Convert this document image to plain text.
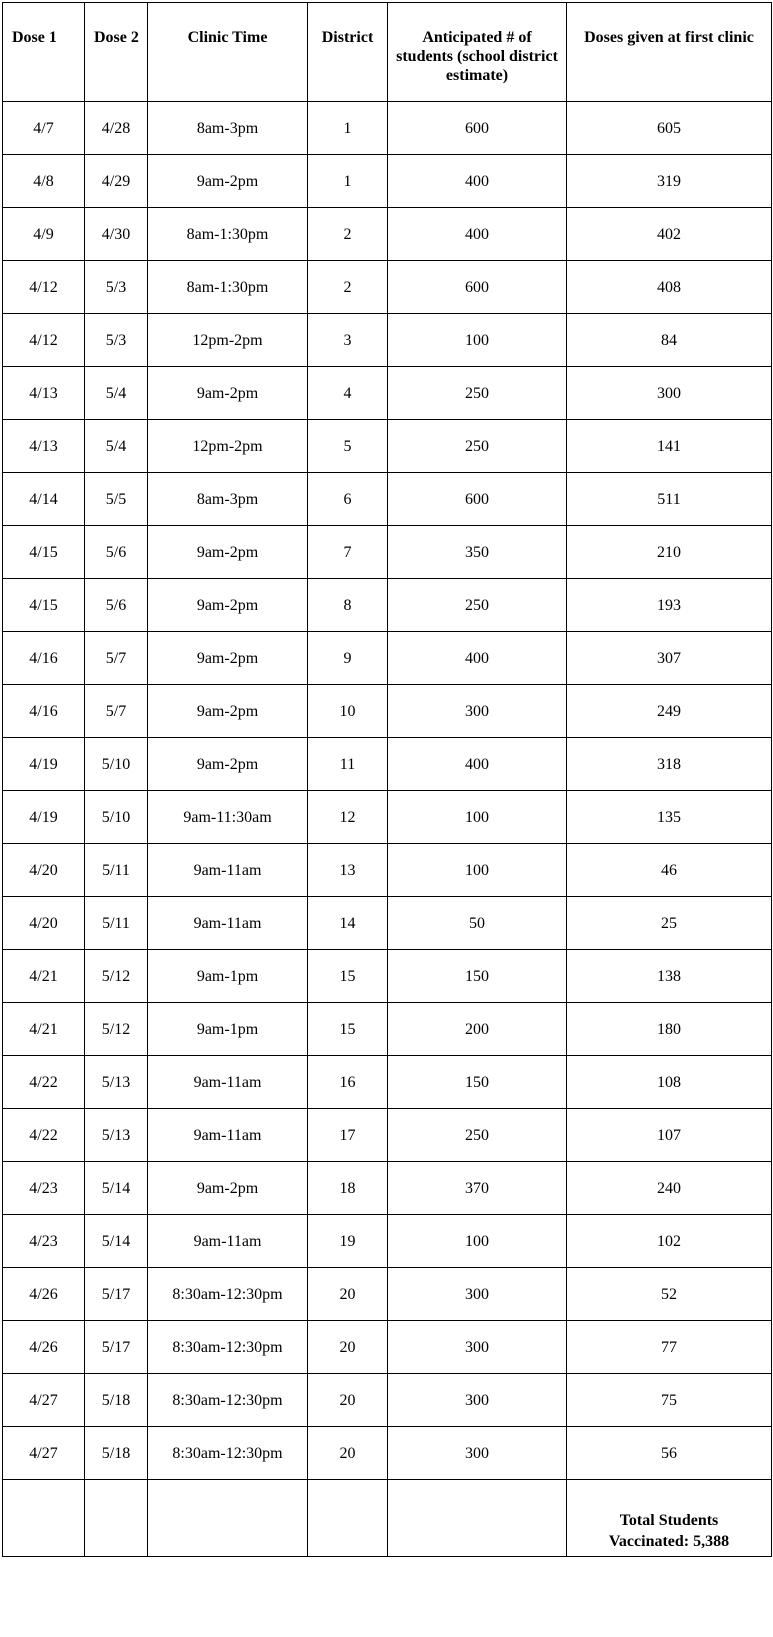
Dose 1	Dose 2	Clinic Time	District	Anticipated # of students (school district estimate)	Doses given at first clinic
4/7	4/28	8am-3pm	1	600	605
4/8	4/29	9am-2pm	1	400	319
4/9	4/30	8am-1:30pm	2	400	402
4/12	5/3	8am-1:30pm	2	600	408
4/12	5/3	12pm-2pm	3	100	84
4/13	5/4	9am-2pm	4	250	300
4/13	5/4	12pm-2pm	5	250	141
4/14	5/5	8am-3pm	6	600	511
4/15	5/6	9am-2pm	7	350	210
4/15	5/6	9am-2pm	8	250	193
4/16	5/7	9am-2pm	9	400	307
4/16	5/7	9am-2pm	10	300	249
4/19	5/10	9am-2pm	11	400	318
4/19	5/10	9am-11:30am	12	100	135
4/20	5/11	9am-11am	13	100	46
4/20	5/11	9am-11am	14	50	25
4/21	5/12	9am-1pm	15	150	138
4/21	5/12	9am-1pm	15	200	180
4/22	5/13	9am-11am	16	150	108
4/22	5/13	9am-11am	17	250	107
4/23	5/14	9am-2pm	18	370	240
4/23	5/14	9am-11am	19	100	102
4/26	5/17	8:30am-12:30pm	20	300	52
4/26	5/17	8:30am-12:30pm	20	300	77
4/27	5/18	8:30am-12:30pm	20	300	75
4/27	5/18	8:30am-12:30pm	20	300	56

					Total Students
Vaccinated: 5,388
